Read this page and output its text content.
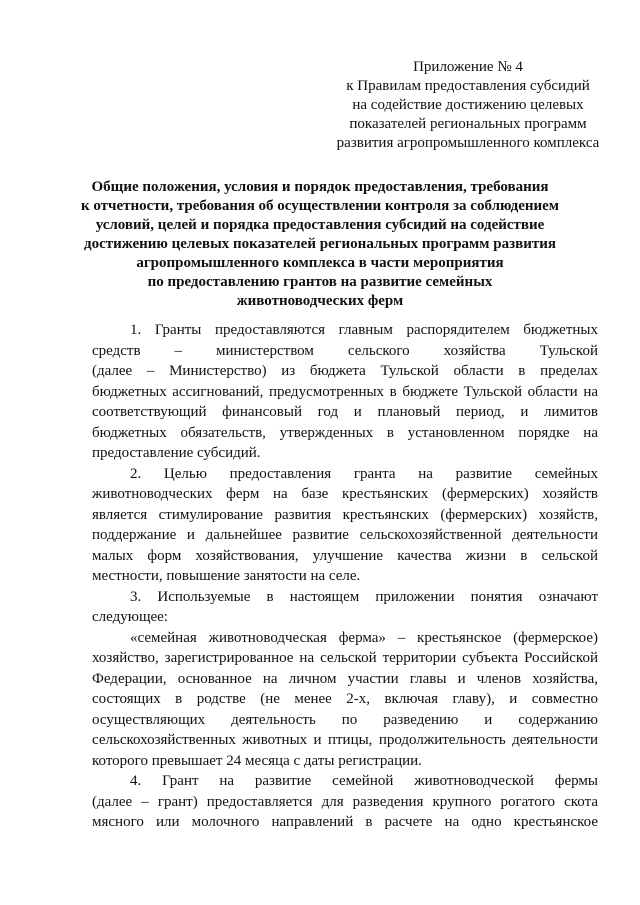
Приложение № 4
к Правилам предоставления субсидий
на содействие достижению целевых
показателей региональных программ
развития агропромышленного комплекса
Общие положения, условия и порядок предоставления, требования
к отчетности, требования об осуществлении контроля за соблюдением
условий, целей и порядка предоставления субсидий на содействие
достижению целевых показателей региональных программ развития
агропромышленного комплекса в части мероприятия
по предоставлению грантов на развитие семейных
животноводческих ферм
1. Гранты предоставляются главным распорядителем бюджетных
средств – министерством сельского хозяйства Тульской
(далее – Министерство) из бюджета Тульской области в пределах
бюджетных ассигнований, предусмотренных в бюджете Тульской области на
соответствующий финансовый год и плановый период, и лимитов
бюджетных обязательств, утвержденных в установленном порядке на
предоставление субсидий.
2. Целью предоставления гранта на развитие семейных
животноводческих ферм на базе крестьянских (фермерских) хозяйств
является стимулирование развития крестьянских (фермерских) хозяйств,
поддержание и дальнейшее развитие сельскохозяйственной деятельности
малых форм хозяйствования, улучшение качества жизни в сельской
местности, повышение занятости на селе.
3. Используемые в настоящем приложении понятия означают
следующее:
«семейная животноводческая ферма» – крестьянское (фермерское)
хозяйство, зарегистрированное на сельской территории субъекта Российской
Федерации, основанное на личном участии главы и членов хозяйства,
состоящих в родстве (не менее 2-х, включая главу), и совместно
осуществляющих деятельность по разведению и содержанию
сельскохозяйственных животных и птицы, продолжительность деятельности
которого превышает 24 месяца с даты регистрации.
4. Грант на развитие семейной животноводческой фермы
(далее – грант) предоставляется для разведения крупного рогатого скота
мясного или молочного направлений в расчете на одно крестьянское
